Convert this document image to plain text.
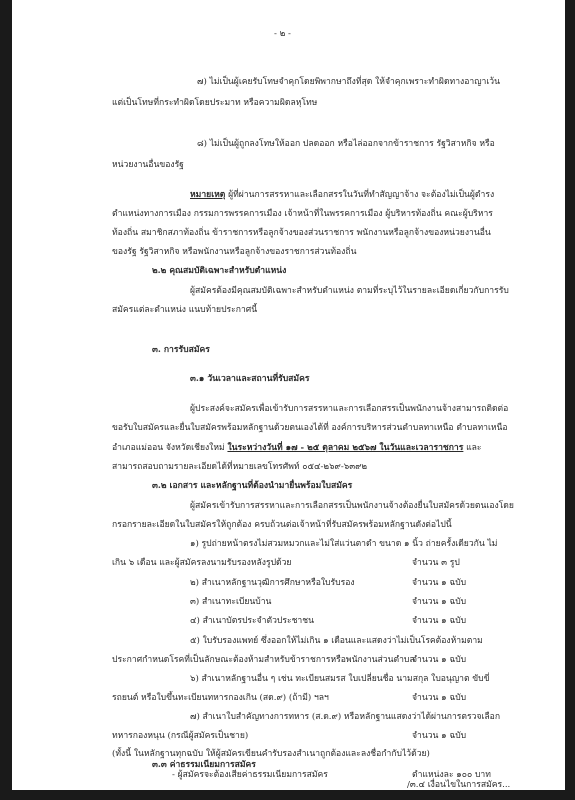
- ๒ -
๗) ไม่เป็นผู้เคยรับโทษจำคุกโดยพิพากษาถึงที่สุด ให้จำคุกเพราะทำผิดทางอาญาเว้น
แต่เป็นโทษที่กระทำผิดโดยประมาท หรือความผิดลหุโทษ
๘) ไม่เป็นผู้ถูกลงโทษให้ออก ปลดออก หรือไล่ออกจากข้าราชการ รัฐวิสาหกิจ หรือ
หน่วยงานอื่นของรัฐ
หมายเหตุ ผู้ที่ผ่านการสรรหาและเลือกสรรในวันที่ทำสัญญาจ้าง จะต้องไม่เป็นผู้ดำรง
ตำแหน่งทางการเมือง กรรมการพรรคการเมือง เจ้าหน้าที่ในพรรคการเมือง ผู้บริหารท้องถิ่น คณะผู้บริหาร
ท้องถิ่น สมาชิกสภาท้องถิ่น ข้าราชการหรือลูกจ้างของส่วนราชการ พนักงานหรือลูกจ้างของหน่วยงานอื่น
ของรัฐ รัฐวิสาหกิจ หรือพนักงานหรือลูกจ้างของราชการส่วนท้องถิ่น
๒.๒ คุณสมบัติเฉพาะสำหรับตำแหน่ง
ผู้สมัครต้องมีคุณสมบัติเฉพาะสำหรับตำแหน่ง ตามที่ระบุไว้ในรายละเอียดเกี่ยวกับการรับ
สมัครแต่ละตำแหน่ง แนบท้ายประกาศนี้
๓. การรับสมัคร
๓.๑ วันเวลาและสถานที่รับสมัคร
ผู้ประสงค์จะสมัครเพื่อเข้ารับการสรรหาและการเลือกสรรเป็นพนักงานจ้างสามารถติดต่อ
ขอรับใบสมัครและยื่นใบสมัครพร้อมหลักฐานด้วยตนเองได้ที่ องค์การบริหารส่วนตำบลทาเหนือ ตำบลทาเหนือ
อำเภอแม่ออน จังหวัดเชียงใหม่ ในระหว่างวันที่ ๑๗ - ๒๕ ตุลาคม ๒๕๖๗ ในวันและเวลาราชการ และ
สามารถสอบถามรายละเอียดได้ที่หมายเลขโทรศัพท์ ๐๕๔-๒๖๙-๖๓๙๒
๓.๒ เอกสาร และหลักฐานที่ต้องนำมายื่นพร้อมใบสมัคร
ผู้สมัครเข้ารับการสรรหาและการเลือกสรรเป็นพนักงานจ้างต้องยื่นใบสมัครด้วยตนเองโดย
กรอกรายละเอียดในใบสมัครให้ถูกต้อง ครบถ้วนต่อเจ้าหน้าที่รับสมัครพร้อมหลักฐานดังต่อไปนี้
๑) รูปถ่ายหน้าตรงไม่สวมหมวกและไม่ใส่แว่นตาดำ ขนาด ๑ นิ้ว ถ่ายครั้งเดียวกัน ไม่
เกิน ๖ เดือน และผู้สมัครลงนามรับรองหลังรูปด้วย	จำนวน ๓ รูป
๒) สำเนาหลักฐานวุฒิการศึกษาหรือใบรับรอง	จำนวน ๑ ฉบับ
๓) สำเนาทะเบียนบ้าน	จำนวน ๑ ฉบับ
๔) สำเนาบัตรประจำตัวประชาชน	จำนวน ๑ ฉบับ
๕) ใบรับรองแพทย์ ซึ่งออกให้ไม่เกิน ๑ เดือนและแสดงว่าไม่เป็นโรคต้องห้ามตาม
ประกาศกำหนดโรคที่เป็นลักษณะต้องห้ามสำหรับข้าราชการหรือพนักงานส่วนตำบล
จำนวน ๑ ฉบับ
๖) สำเนาหลักฐานอื่น ๆ เช่น ทะเบียนสมรส ใบเปลี่ยนชื่อ นามสกุล ใบอนุญาต ขับขี่
รถยนต์ หรือใบขึ้นทะเบียนทหารกองเกิน (สด.๙) (ถ้ามี) ฯลฯ	จำนวน ๑ ฉบับ
๗) สำเนาใบสำคัญทางการทหาร (ส.ด.๙) หรือหลักฐานแสดงว่าได้ผ่านการตรวจเลือก
ทหารกองหนุน (กรณีผู้สมัครเป็นชาย)	จำนวน ๑ ฉบับ
(ทั้งนี้ ในหลักฐานทุกฉบับ ให้ผู้สมัครเขียนคำรับรองสำเนาถูกต้องและลงชื่อกำกับไว้ด้วย)
๓.๓ ค่าธรรมเนียมการสมัคร
- ผู้สมัครจะต้องเสียค่าธรรมเนียมการสมัคร	ตำแหน่งละ ๑๐๐ บาท
/๓.๔ เงื่อนไขในการสมัคร...
